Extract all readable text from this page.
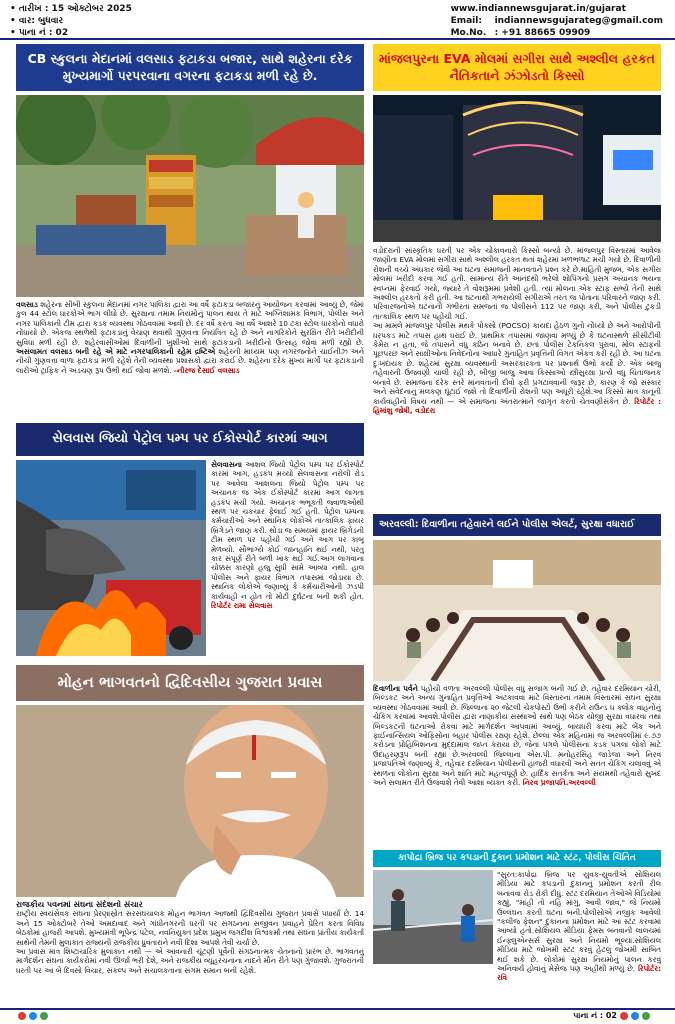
• તારીખ : 15 ઓક્ટોબર 2025
• વાર: બુધવાર
• પાના નં : 02
www.indiannewsgujarat.in/gujarat
Email: indiannewsgujarateg@gmail.com
Mo.No. : +91 88665 09909
CB સ્કુલના મેદાનમાં વલસાડ ફટાકડા બજાર, સાથે શહેરના દરેક મુખ્યમાર્ગો પરપરવાના વગરના ફટાકડા મળી રહે છે.
વલસાડ શહેરના સીબી સ્કુલના મેદાનમાં નગર પાલિકા દ્વારા આ વર્ષે ફટાકડા બજારનું આયોજન કરવામાં આવ્યું છે, જેમાં કુલ 44 સ્ટોલ ધારકોએ ભાગ લીધો છે. સુરક્ષાના તમામ નિયમોનું પાલન થાય તે માટે અગ્નિશામક વિભાગ, પોલીસ અને નગર પાલિકાની ટીમ દ્વારા કડક વ્યવસ્થા ગોઠવવામાં આવી છે. દર વર્ષે કરતા આ વર્ષે આશરે 10 ટકા સ્ટોલ ધારકોનો વધારો નોંધાયો છે. એકજ સ્થળેથી ફટાકડાનું વેચાણ થવાથી ગુણવત્તા નિયંત્રિત રહે છે અને નાગરિકોને સુરક્ષિત રીતે ખરીદીની સુવિધા મળી રહી છે. શહેરવાસીઓમાં દિવાળીની ખુશીઓ સાથે ફટાકડાની ખરીદીનો ઉત્સાહ જોવા મળી રહ્યો છે. અસલામત વલસાડ બની રહે એ માટે નગરપાલિકાની રહેમ દ્રષ્ટિએ શહેરની માધ્યમ પણ નગરજનોને ચાઈનીઝ અને નીચી ગુણવત્તા વાળા ફટાકડા મળી રહેશે તેની વ્યવસ્થા પ્રશાસકો દ્વારા કરાઈ છે. શહેરના દરેક મુખ્ય માર્ગો પર ફટાકડાની લારીઓ ટ્રાફિક ને અડચણ રૂપ ઉભી થઈ જોવા મળશે. -નીરજ દેસાઈ વલસાડ
સેલવાસ જિયો પેટ્રોલ પમ્પ પર ઈકોસ્પોર્ટ કારમાં આગ
સેલવાસના આશલ જિયો પેટ્રોલ પમ્પ પર ઈકોસ્પોર્ટ કારમાં આગ, હડકંપ મચ્યો સેલવાસના નરોલી રોડ પર આવેલા આશલના જિયો પેટ્રોલ પમ્પ પર અચાનક જ એક ઈકોસ્પોર્ટ કારમાં આગ લાગતા હડકંપ મચી ગયો. અચાનક ભભૂકતી જ્વાળાઓથી સ્થળ પર ચકચાર ફેલાઈ ગઈ હતી. પેટ્રોલ પમ્પના કર્મચારીઓ અને સ્થાનિક લોકોએ તાત્કાલિક ફાયર બ્રિગેડને જાણ કરી. થોડા જ સમયમાં ફાયર બ્રિગેડની ટીમ સ્થળ પર પહોંચી ગઈ અને આગ પર કાબૂ મેળવ્યો. સૌભાગ્યે કોઈ જાનહાનિ થઈ નથી, પરંતુ કાર સંપૂર્ણ રીતે બળી ખાક થઈ ગઈ.આગ લાગવાના ચોક્કસ કારણો હજુ સુધી સામે આવ્યા નથી. હાલ પોલીસ અને ફાયર વિભાગ તપાસમાં જોડાયા છે. સ્થાનિક લોકોએ જણાવ્યું કે કર્મચારીઓની ઝડપી કાર્યવાહી ન હોત તો મોટી દુર્ઘટના બની શકી હોત. રિપોર્ટર રામા સેલવાસ
મોહન ભાગવતનો દ્વિદિવસીય ગુજરાત પ્રવાસ
રાજકીય પવનમાં સંઘના સંદેશનો સંચાર
રાષ્ટ્રીય સ્વયંસેવક સંઘના પ્રેરણાસ્રોત સરસંઘચાલક મોહન ભાગવત આજથી દ્વિદિવસીય ગુજરાત પ્રવાસે પધાર્યા છે. 14 અને 15 ઓક્ટોબરે તેઓ અમદાવાદ અને ગાંધીનગરની ધરતી પર સંગઠનના સજીવન પ્રવાહને પ્રેરિત કરતા વિવિધ બેઠકોમાં હાજરી આપશે. મુખ્યમંત્રી ભૂપેન્દ્ર પટેલ, નવનિયુક્ત પ્રદેશ પ્રમુખ જગદીશ વિશ્વકર્મા તથા સંઘના પ્રાંતીય કાર્યકર્તા સાથેની તેમની મુલાકાત રાજ્યની રાજકીય ધ્રુવતારાને નવી દિશા આપશે તેવી ચર્ચા છે.
આ પ્રવાસ માત્ર શિષ્ટાચારિક મુલાકાત નથી — એ આવનારી ચૂંટણી પૂર્વેની સંગઠનાત્મક ચેતનાનો પ્રારંભ છે. ભાગવતનું માર્ગદર્શન સંઘના કાર્યકરોમાં નવી ઊર્જા ભરી દેશે, અને રાજકીય વ્યૂહરચનાના નાદને મૌન રીતે પણ ગુંજાવશે. ગુજરાતની ધરતી પર આ બે દિવસો વિચાર, સંકલ્પ અને સંચાલકતાના સંગમ સમાન બની રહેશે.
માંજલપુરના EVA મોલમાં સગીરા સાથે અશ્લીલ હરકત નૈતિકતાને ઝંઝોડતો કિસ્સો
વડોદરાની સાંસ્કૃતિક ધરતી પર એક ચોંકાવનારો કિસ્સો બન્યો છે. માંજલપુર વિસ્તારમાં આવેલા જાણીતા EVA મોલમાં સગીરા સાથે અશ્લીલ હરકત થતાં શહેરમાં ખળભળાટ મચી ગયો છે. દિવાળીની રોશની વચ્ચે અંધકાર જેવી આ ઘટના સમાજની માનવતાને પ્રશ્ન કરે છે.માહિતી મુજબ, એક સગીરા મોલમાં ખરીદી કરવા ગઈ હતી. સામાન્ય રીતે આનંદથી ભરેલો શોપિંગનો પ્રસંગ અચાનક ભયના સ્વપ્નમાં ફેરવાઈ ગયો, જ્યારે તે વોશરૂમમાં પ્રવેશી હતી. ત્યાં મોલના એક સ્ટાફ સભ્યે તેની સાથે અશ્લીલ હરકતો કરી હતી. આ ઘટનાથી ગભરાયેલી સગીરાએ તરત જ પોતાના પરિવારને જાણ કરી. પરિવારજનોએ ઘટનાની ગંભીરતા સમજતાં જ પોલીસને 112 પર જાણ કરી, અને પોલીસ ટુકડી તાત્કાલિક સ્થળ પર પહોંચી ગઈ.
આ મામલે માંજલપુર પોલીસ મથકે પોક્સો (POCSO) કાયદા હેઠળ ગુનો નોંધ્યો છે અને આરોપીની ધરપકડ માટે તપાસ હાથ ધરાઈ છે. પ્રાથમિક તપાસમાં જાણવા મળ્યું છે કે ઘટનાસ્થળે સીસીટીવી કેમેરા ન હતા, જે તપાસને વધુ કઠિન બનાવે છે. છતાં પોલીસ ટેકનિકલ પુરાવા, મોલ સ્ટાફની પૂછપરછ અને સાક્ષીઓના નિવેદનોના આધારે ગુનાહિત પ્રવૃત્તિની વિગત એકત્ર કરી રહી છે. આ ઘટના દુઃખદાયક છે. શહેરમાં સુરક્ષા વ્યવસ્થાની અસરકારકતા પર પ્રશ્નાર્થ ઉભો કર્યો છે. એક બાજુ તહેવારની ઉજવણી ચાલી રહી છે, બીજી બાજુ આવા કિસ્સાઓ સ્ત્રીસુરક્ષા પ્રત્યે વધુ ચિંતાજનક બનાવે છે. સમાજના દરેક સ્તરે માનવતાની દીવો ફરી પ્રગટાવવાની જરૂર છે, કારણ કે જો સંસ્કાર અને સંવેદનાનું મલકણ ઘૂંટાઈ જશે તો દિવાળીની રોશની પણ અધૂરી રહેશે.આ કિસ્સો માત્ર કાનૂની કાર્યવાહીનો વિષય નથી — એ સમાજના અંતરાત્માને જાગૃત કરતો ચેતવણીસંકેત છે. રિપોર્ટર : હિમાંશુ જોષી, વડોદરા
અરવલ્લી: દિવાળીના તહેવારને લઈને પોલીસ એલર્ટ, સુરક્ષા વધારાઈ
દિવાળીના પર્વને પહોંચી વળતા અરવલ્લી પોલીસ વધુ સજાગ બની ગઈ છે. તહેવાર દરમિયાન ચોરી, બિલ્ડકટ અને અન્ય ગુનાહિત પ્રવૃત્તિઓ અટકાવવા માટે વિસ્તારના તમામ વિસ્તારમાં સઘન સુરક્ષા વ્યવસ્થા ગોઠવવામાં આવી છે. જિલ્લાના ૨૦ જેટલી ચેકપોસ્ટો ઉભી કરીને રાઉન્ડ ધ ક્લોક વાહનોનું ચેકિંગ કરવામાં આવશે.પોલીસ દ્વારા નાણાકીય સંસ્થાઓ સાથે પણ બેઠક યોજી સુરક્ષા વધારવા તથા બિલ્ડકટની ઘટનાઓ રોકવા માટે માર્ગદર્શન આપવામાં આવ્યું. બાયધરી કરવા માટે બેંક અને ફાઈનાન્સિયલ ઓફિસોના બહાર પોલીસ રક્ષણ રહેશે. છેલ્લા એક મહિનામાં જ અરવલ્લીમાં ૯.૭૭ કરોડના પ્રોહિબિશનના મુદ્દામાલ જપ્ત કરાયા છે, જેના પગલે પોલીસના કડક પગલાં લોકો માટે ઉદાહરણરૂપ બની રહ્યાં છે.અરવલ્લી જિલ્લાના એસ.પી. મનોહરસિંહ જાડેજા અને નિરવ પ્રજાપતિએ જણાવ્યું કે, તહેવાર દરમિયાન પોલીસની હાજરી વધારવી અને સતત ચેકિંગ ચલાવવું એ સ્થળના લોકોના સુરક્ષા અને શાંતિ માટે મહત્વપૂર્ણ છે. હાર્દિક સતર્કતા અને સંયમથી તહેવારો સુખદ અને સલામત રીતે ઉજવાશે તેવી આશા વ્યક્ત કરી. નિરવ પ્રજાપતિ.અરવલ્લી
કાપોદ્રા બ્રિજ પર કપડાની દુકાન પ્રમોશન માટે સ્ટંટ, પોલીસ ચિંતિત
"સુરત:કાપોદ્રા બ્રિજ પર યુવક-યુવતીએ સોશિયલ મીડિયા માટે કપડાની દુકાનનું પ્રમોશન કરતી રીલ બનાવવા રોડ રોકી દીધું. સ્ટંટ દરમિયાન તેઓએ વિડિયોમાં કહ્યું, "માહી તો નહિ માંગુ, આવી જાવ," જે નિયમો ઉલ્લંઘન કરતી ઘટના બની.પોલીસોએ નજીક આવેલી "કલીજ ફેશન" દુકાનના પ્રમોશન માટે આ સ્ટંટ કરવામાં આવ્યો હતો.સોશિયલ મીડિયા ફેમસ બનવાની લાલચમાં ઈન્ફ્લુએન્સર્સ સુરક્ષા અને નિયમો ભૂલ્યા.સોશિયલ મીડિયા માટે જોખમી સ્ટંટ કરવું હેટલું જોખમી સાબિત થઈ શકે છે. લોકોમાં સુરક્ષા નિયમોનું પાલન કરવું અનિવાર્ય હોવાનું મેસેજ પણ અહીંથી મળ્યું છે. રિપોર્ટર: રવિ
પાના નં : 02
